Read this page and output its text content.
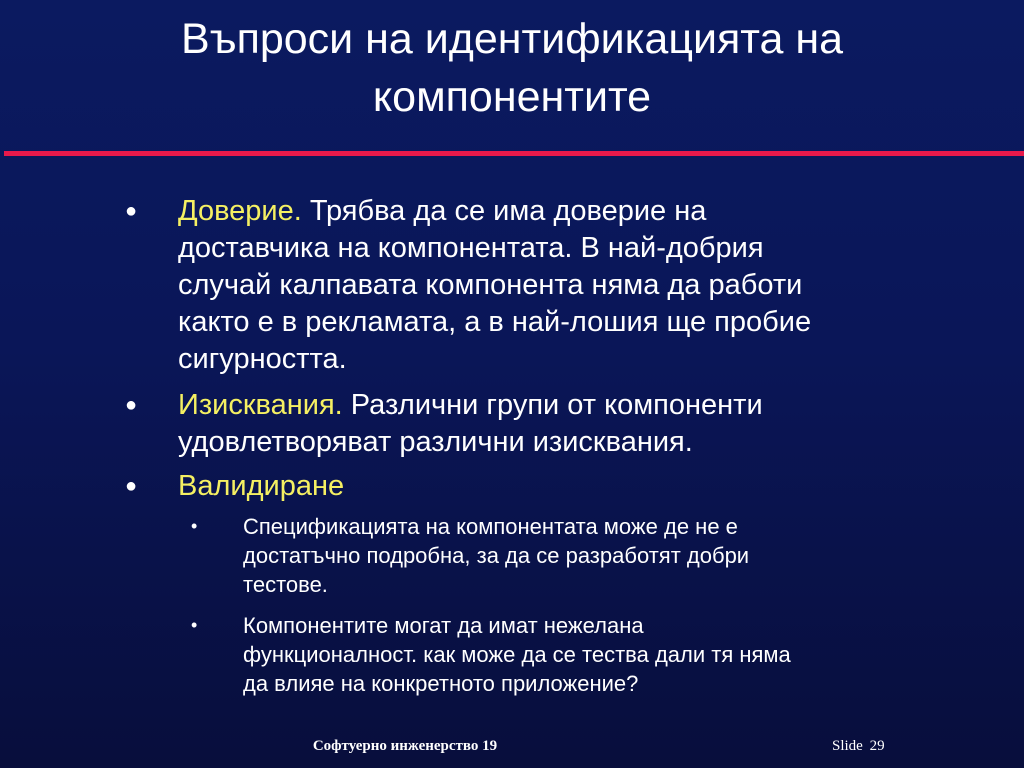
Въпроси на идентификацията на
компонентите
● Доверие. Трябва да се има доверие на
доставчика на компонентата. В най-добрия
случай калпавата компонента няма да работи
както е в рекламата, а в най-лошия ще пробие
сигурността.
● Изисквания. Различни групи от компоненти
удовлетворяват различни изисквания.
● Валидиране
• Спецификацията на компонентата може де не е
достатъчно подробна, за да се разработят добри
тестове.
• Компонентите могат да имат нежелана
функционалност. как може да се тества дали тя няма
да влияе на конкретното приложение?
Софтуерно инженерство 19	Slide 29
